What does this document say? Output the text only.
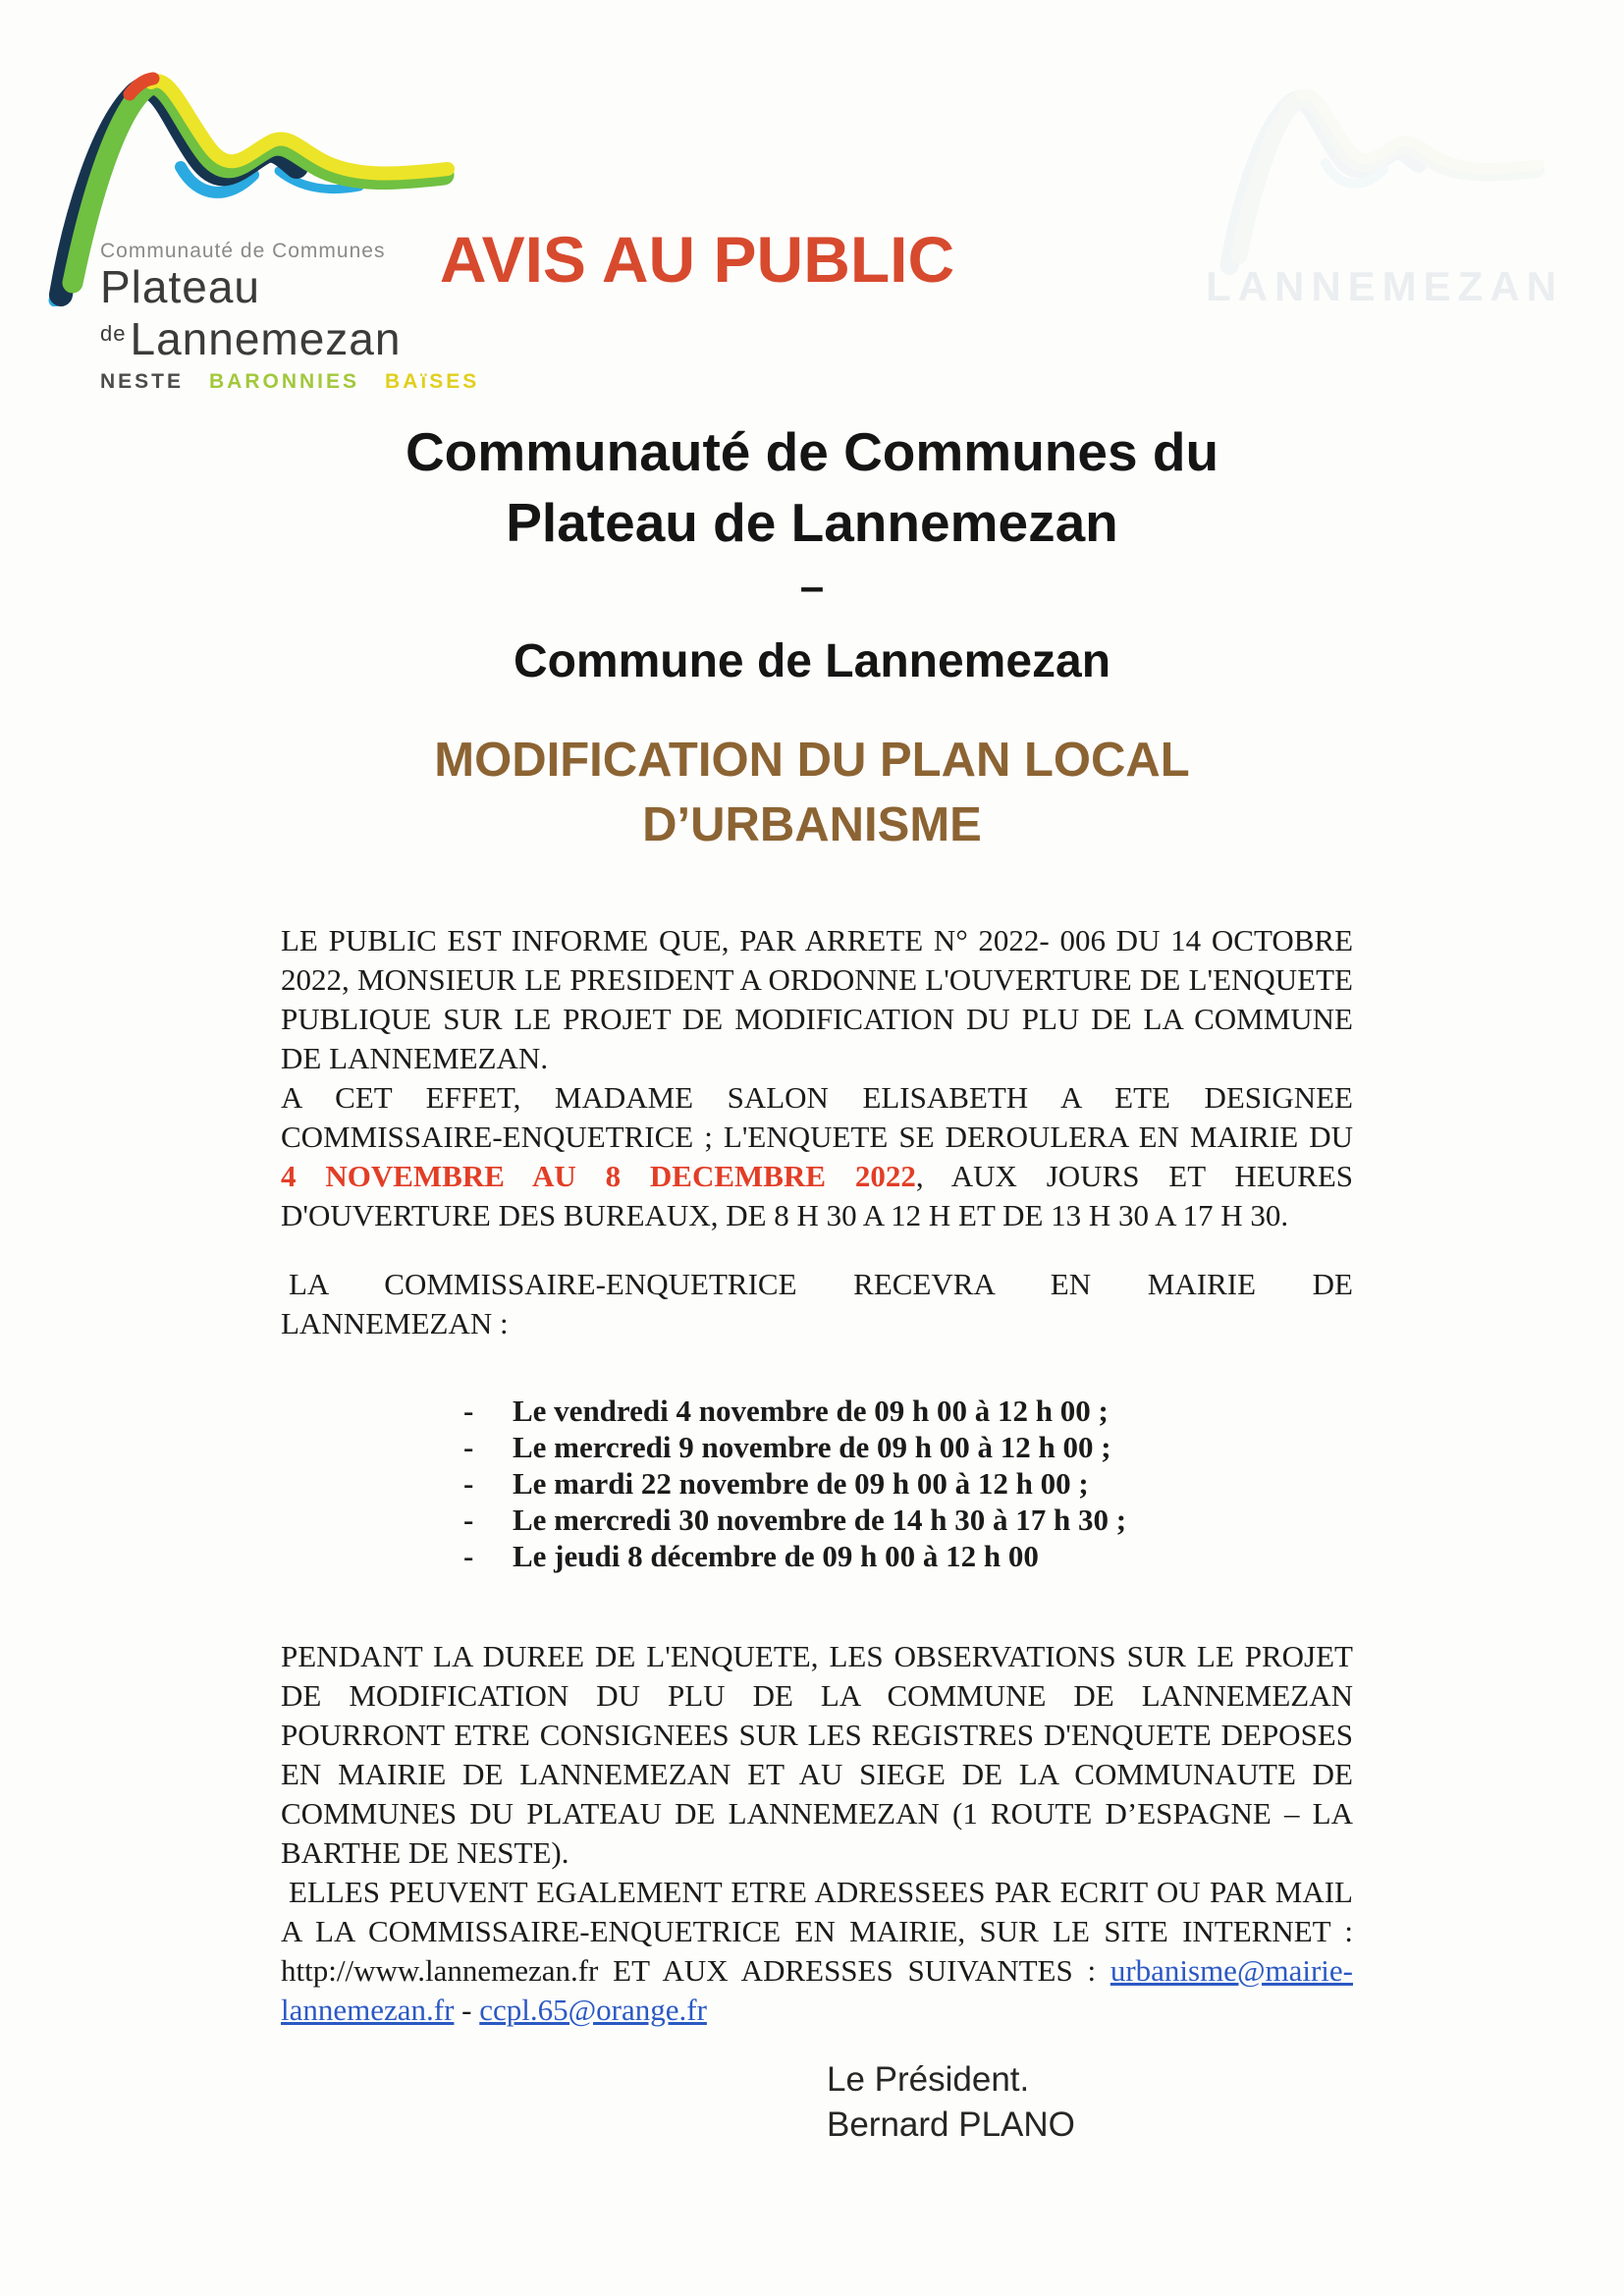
Communauté de Communes
Plateau
$^{de}$Lannemezan
NESTE BARONNIES BAïSES
LANNEMEZAN
AVIS AU PUBLIC
Communauté de Communes du
Plateau de Lannemezan
–
Commune de Lannemezan
MODIFICATION DU PLAN LOCAL
D’URBANISME
LE PUBLIC EST INFORME QUE, PAR ARRETE N° 2022- 006 DU 14 OCTOBRE 2022, MONSIEUR LE PRESIDENT A ORDONNE L'OUVERTURE DE L'ENQUETE PUBLIQUE SUR LE PROJET DE MODIFICATION DU PLU DE LA COMMUNE DE LANNEMEZAN.
A CET EFFET, MADAME SALON ELISABETH A ETE DESIGNEE COMMISSAIRE-ENQUETRICE ; L'ENQUETE SE DEROULERA EN MAIRIE DU 4 NOVEMBRE AU 8 DECEMBRE 2022, AUX JOURS ET HEURES D'OUVERTURE DES BUREAUX, DE 8 H 30 A 12 H ET DE 13 H 30 A 17 H 30.
LA COMMISSAIRE-ENQUETRICE RECEVRA EN MAIRIE DE
LANNEMEZAN :
-	Le vendredi 4 novembre de 09 h 00 à 12 h 00 ;
-	Le mercredi 9 novembre de 09 h 00 à 12 h 00 ;
-	Le mardi 22 novembre de 09 h 00 à 12 h 00 ;
-	Le mercredi 30 novembre de 14 h 30 à 17 h 30 ;
-	Le jeudi 8 décembre de 09 h 00 à 12 h 00
PENDANT LA DUREE DE L'ENQUETE, LES OBSERVATIONS SUR LE PROJET DE MODIFICATION DU PLU DE LA COMMUNE DE LANNEMEZAN POURRONT ETRE CONSIGNEES SUR LES REGISTRES D'ENQUETE DEPOSES EN MAIRIE DE LANNEMEZAN ET AU SIEGE DE LA COMMUNAUTE DE COMMUNES DU PLATEAU DE LANNEMEZAN (1 ROUTE D’ESPAGNE – LA BARTHE DE NESTE).
ELLES PEUVENT EGALEMENT ETRE ADRESSEES PAR ECRIT OU PAR MAIL A LA COMMISSAIRE-ENQUETRICE EN MAIRIE, SUR LE SITE INTERNET : http://www.lannemezan.fr ET AUX ADRESSES SUIVANTES : urbanisme@mairie-lannemezan.fr - ccpl.65@orange.fr
Le Président.
Bernard PLANO
